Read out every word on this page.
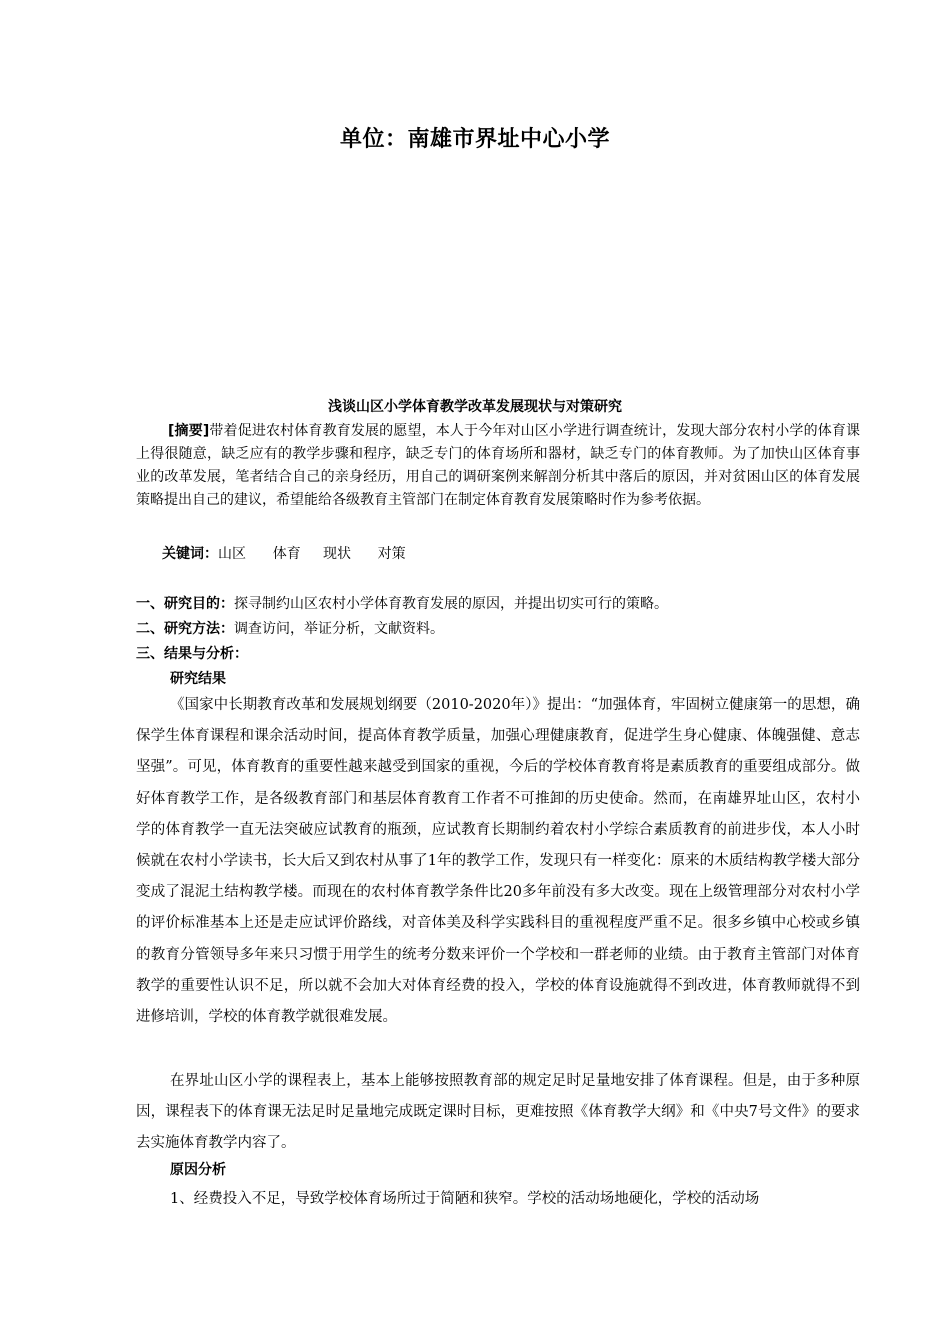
单位：南雄市界址中心小学
浅谈山区小学体育教学改革发展现状与对策研究

[摘要]带着促进农村体育教育发展的愿望，本人于今年对山区小学进行调查统计，发现大部分农村小学的体育课上得很随意，缺乏应有的教学步骤和程序，缺乏专门的体育场所和器材，缺乏专门的体育教师。为了加快山区体育事业的改革发展，笔者结合自己的亲身经历，用自己的调研案例来解剖分析其中落后的原因，并对贫困山区的体育发展策略提出自己的建议，希望能给各级教育主管部门在制定体育教育发展策略时作为参考依据。

关键词：山区      体育     现状      对策
一、研究目的：探寻制约山区农村小学体育教育发展的原因，并提出切实可行的策略。
二、研究方法：调查访问，举证分析，文献资料。
三、结果与分析：
研究结果

《国家中长期教育改革和发展规划纲要（2010-2020年）》提出：“加强体育，牢固树立健康第一的思想，确保学生体育课程和课余活动时间，提高体育教学质量，加强心理健康教育，促进学生身心健康、体魄强健、意志坚强”。可见，体育教育的重要性越来越受到国家的重视，今后的学校体育教育将是素质教育的重要组成部分。做好体育教学工作，是各级教育部门和基层体育教育工作者不可推卸的历史使命。然而，在南雄界址山区，农村小学的体育教学一直无法突破应试教育的瓶颈，应试教育长期制约着农村小学综合素质教育的前进步伐，本人小时候就在农村小学读书，长大后又到农村从事了1年的教学工作，发现只有一样变化：原来的木质结构教学楼大部分变成了混泥土结构教学楼。而现在的农村体育教学条件比20多年前没有多大改变。现在上级管理部分对农村小学的评价标准基本上还是走应试评价路线，对音体美及科学实践科目的重视程度严重不足。很多乡镇中心校或乡镇的教育分管领导多年来只习惯于用学生的统考分数来评价一个学校和一群老师的业绩。由于教育主管部门对体育教学的重要性认识不足，所以就不会加大对体育经费的投入，学校的体育设施就得不到改进，体育教师就得不到进修培训，学校的体育教学就很难发展。

在界址山区小学的课程表上，基本上能够按照教育部的规定足时足量地安排了体育课程。但是，由于多种原因，课程表下的体育课无法足时足量地完成既定课时目标，更难按照《体育教学大纲》和《中央7号文件》的要求去实施体育教学内容了。

原因分析

1、经费投入不足，导致学校体育场所过于简陋和狭窄。学校的活动场地硬化，学校的活动场
